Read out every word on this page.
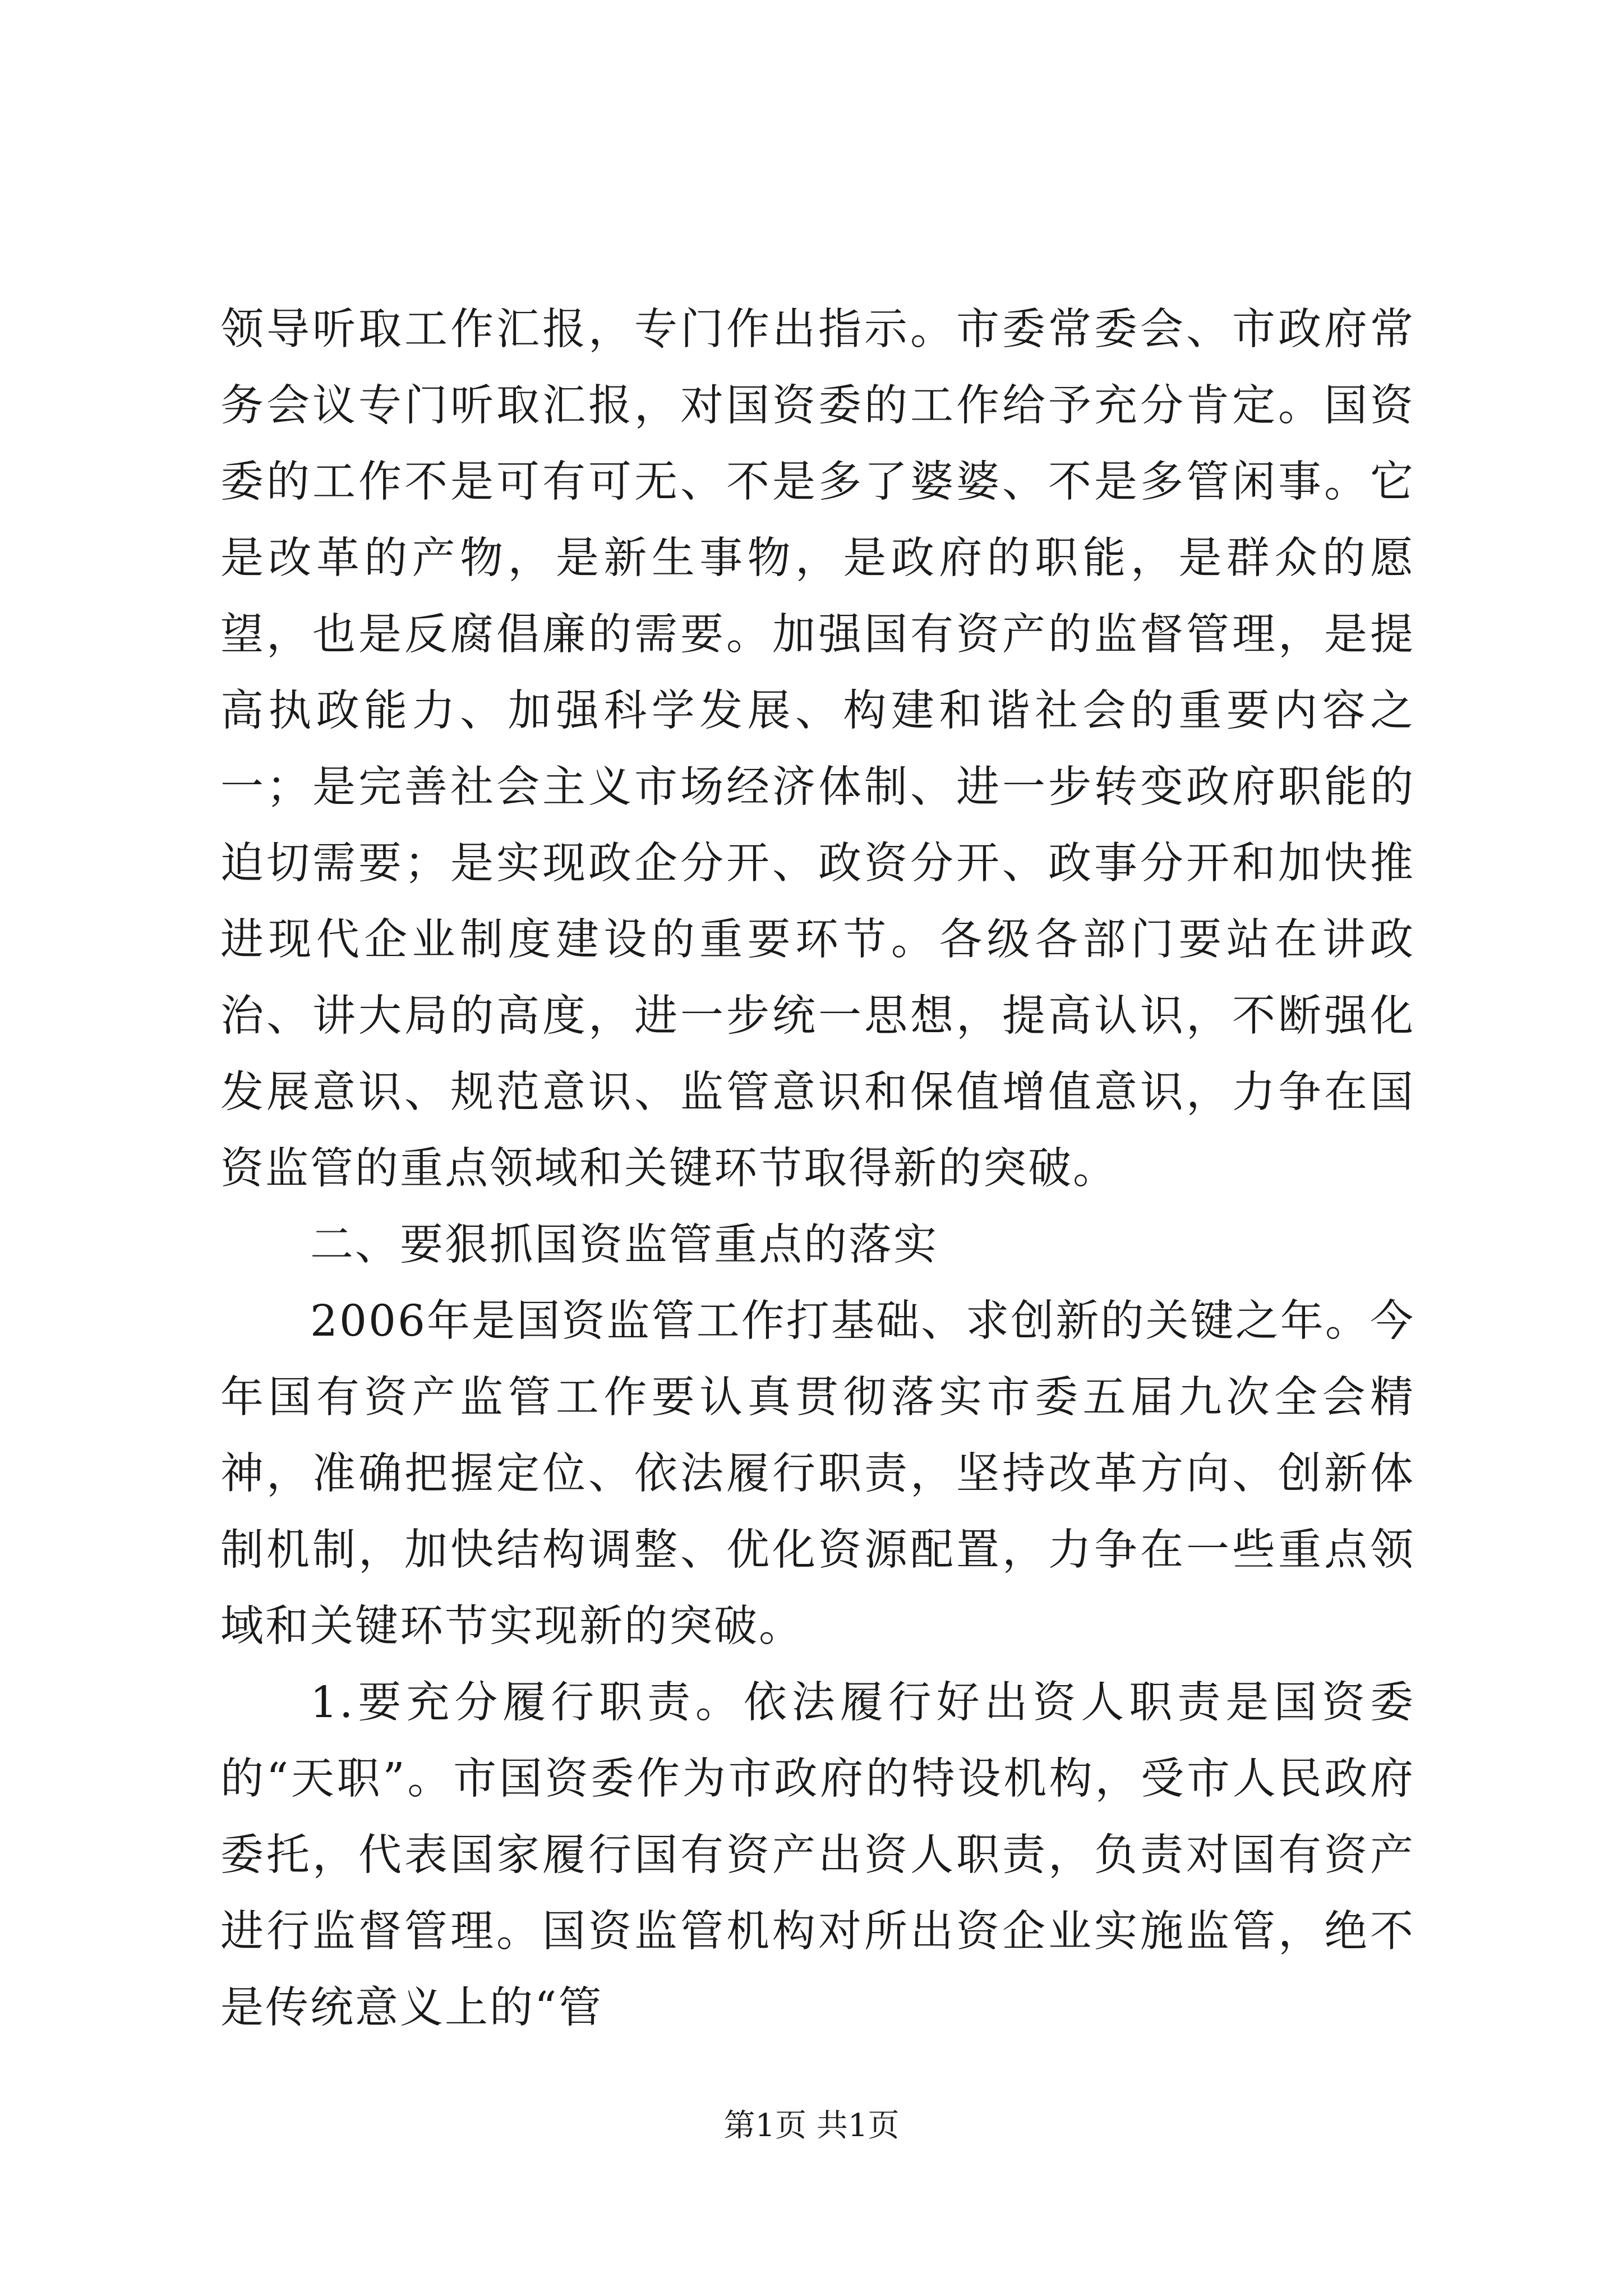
领导听取工作汇报，专门作出指示。市委常委会、市政府常务会议专门听取汇报，对国资委的工作给予充分肯定。国资委的工作不是可有可无、不是多了婆婆、不是多管闲事。它是改革的产物，是新生事物，是政府的职能，是群众的愿望，也是反腐倡廉的需要。加强国有资产的监督管理，是提高执政能力、加强科学发展、构建和谐社会的重要内容之一；是完善社会主义市场经济体制、进一步转变政府职能的迫切需要；是实现政企分开、政资分开、政事分开和加快推进现代企业制度建设的重要环节。各级各部门要站在讲政治、讲大局的高度，进一步统一思想，提高认识，不断强化发展意识、规范意识、监管意识和保值增值意识，力争在国资监管的重点领域和关键环节取得新的突破。

二、要狠抓国资监管重点的落实

2006年是国资监管工作打基础、求创新的关键之年。今年国有资产监管工作要认真贯彻落实市委五届九次全会精神，准确把握定位、依法履行职责，坚持改革方向、创新体制机制，加快结构调整、优化资源配置，力争在一些重点领域和关键环节实现新的突破。

1.要充分履行职责。依法履行好出资人职责是国资委的“天职”。市国资委作为市政府的特设机构，受市人民政府委托，代表国家履行国有资产出资人职责，负责对国有资产进行监督管理。国资监管机构对所出资企业实施监管，绝不是传统意义上的“管

第1页 共1页
